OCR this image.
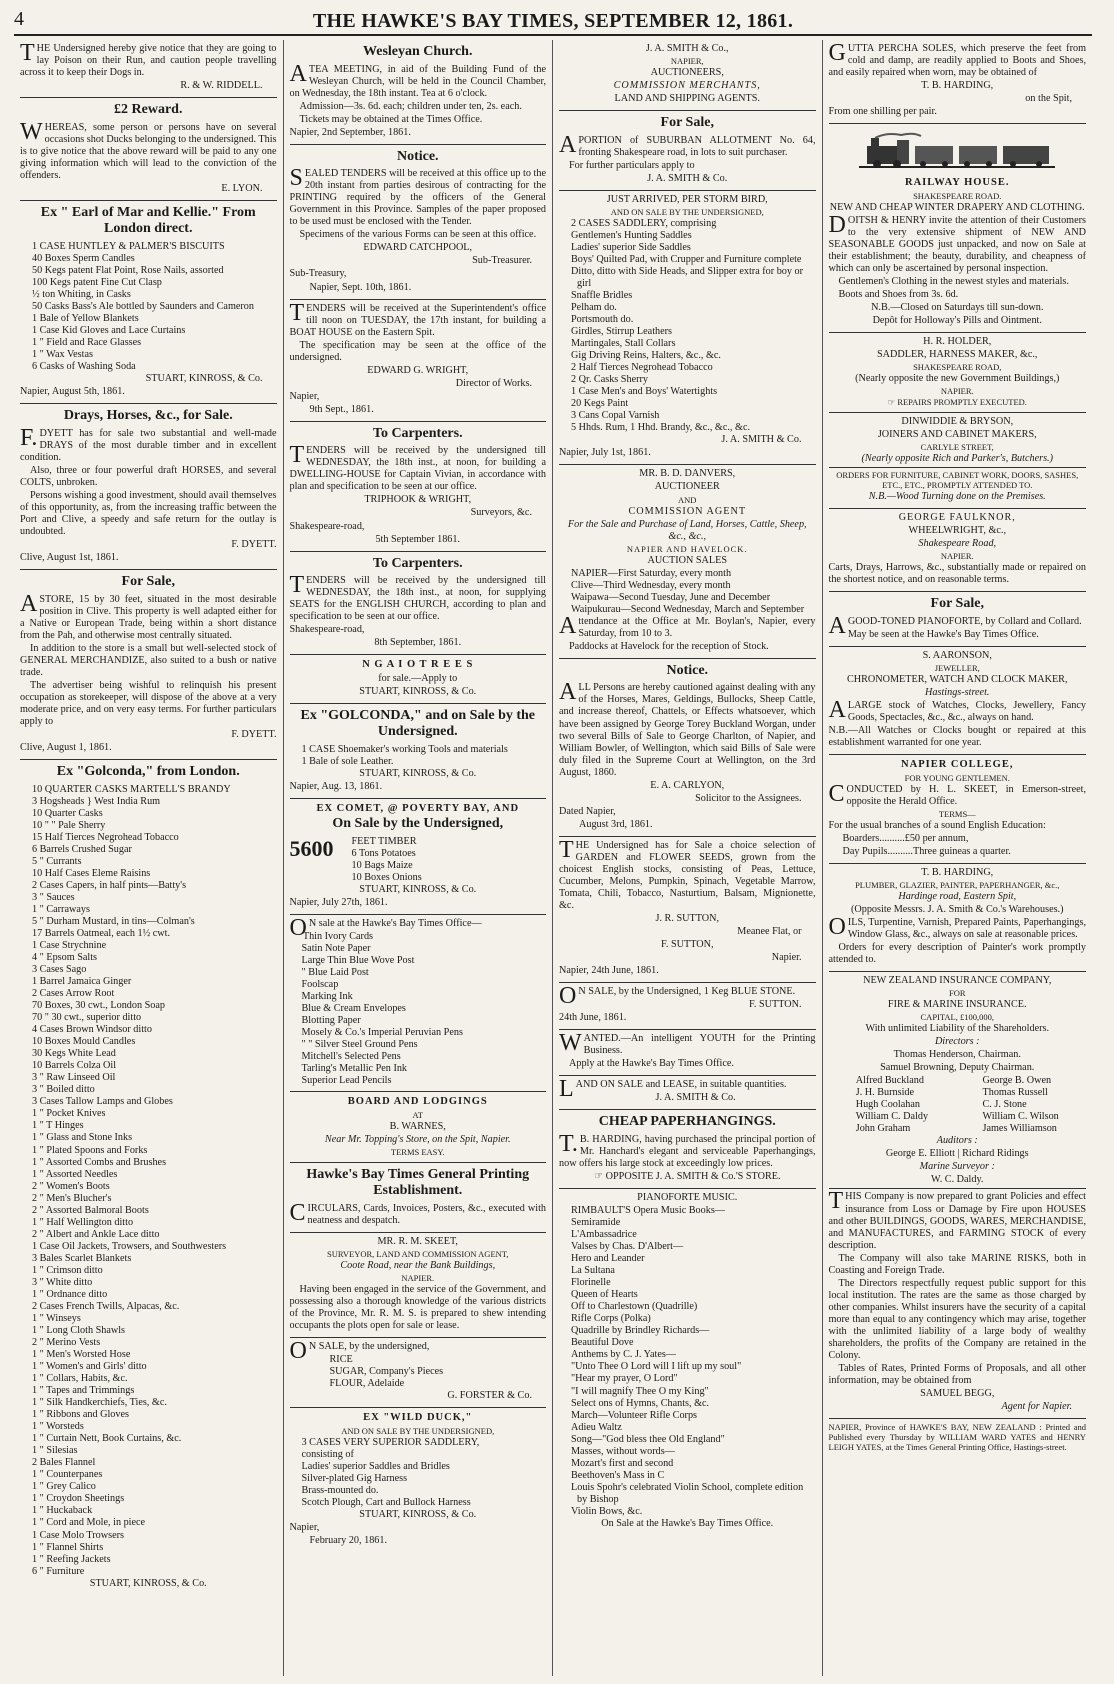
4	THE HAWKE'S BAY TIMES, SEPTEMBER 12, 1861.

THE Undersigned hereby give notice that they are going to lay Poison on their Run, and caution people travelling across it to keep their Dogs in.

R. & W. RIDDELL.

£2 Reward.

WHEREAS, some person or persons have on several occasions shot Ducks belonging to the undersigned. This is to give notice that the above reward will be paid to any one giving information which will lead to the conviction of the offenders.

E. LYON.

Ex " Earl of Mar and Kellie." From London direct.
1 CASE HUNTLEY & PALMER'S BISCUITS
40 Boxes Sperm Candles
50 Kegs patent Flat Point, Rose Nails, assorted
100 Kegs patent Fine Cut Clasp
½ ton Whiting, in Casks
50 Casks Bass's Ale bottled by Saunders and Cameron
1 Bale of Yellow Blankets
1 Case Kid Gloves and Lace Curtains
1 " Field and Race Glasses
1 " Wax Vestas
6 Casks of Washing Soda

STUART, KINROSS, & Co.

Napier, August 5th, 1861.

Drays, Horses, &c., for Sale.

F.DYETT has for sale two substantial and well-made DRAYS of the most durable timber and in excellent condition.

Also, three or four powerful draft HORSES, and several COLTS, unbroken.

Persons wishing a good investment, should avail themselves of this opportunity, as, from the increasing traffic between the Port and Clive, a speedy and safe return for the outlay is undoubted.

F. DYETT.

Clive, August 1st, 1861.

For Sale,

ASTORE, 15 by 30 feet, situated in the most desirable position in Clive. This property is well adapted either for a Native or European Trade, being within a short distance from the Pah, and otherwise most centrally situated.

In addition to the store is a small but well-selected stock of GENERAL MERCHANDIZE, also suited to a bush or native trade.

The advertiser being wishful to relinquish his present occupation as storekeeper, will dispose of the above at a very moderate price, and on very easy terms. For further particulars apply to

F. DYETT.

Clive, August 1, 1861.

Ex "Golconda," from London.
10 QUARTER CASKS MARTELL'S BRANDY
3 Hogsheads } West India Rum
10 Quarter Casks
10 " " Pale Sherry
15 Half Tierces Negrohead Tobacco
6 Barrels Crushed Sugar
5 " Currants
10 Half Cases Eleme Raisins
2 Cases Capers, in half pints—Batty's
3 " Sauces
1 " Carraways
5 " Durham Mustard, in tins—Colman's
17 Barrels Oatmeal, each 1½ cwt.
1 Case Strychnine
4 " Epsom Salts
3 Cases Sago
1 Barrel Jamaica Ginger
2 Cases Arrow Root
70 Boxes, 30 cwt., London Soap
70 " 30 cwt., superior ditto
4 Cases Brown Windsor ditto
10 Boxes Mould Candles
30 Kegs White Lead
10 Barrels Colza Oil
3 " Raw Linseed Oil
3 " Boiled ditto
3 Cases Tallow Lamps and Globes
1 " Pocket Knives
1 " T Hinges
1 " Glass and Stone Inks
1 " Plated Spoons and Forks
1 " Assorted Combs and Brushes
1 " Assorted Needles
2 " Women's Boots
2 " Men's Blucher's
2 " Assorted Balmoral Boots
1 " Half Wellington ditto
2 " Albert and Ankle Lace ditto
1 Case Oil Jackets, Trowsers, and Southwesters
3 Bales Scarlet Blankets
1 " Crimson ditto
3 " White ditto
1 " Ordnance ditto
2 Cases French Twills, Alpacas, &c.
1 " Winseys
1 " Long Cloth Shawls
2 " Merino Vests
1 " Men's Worsted Hose
1 " Women's and Girls' ditto
1 " Collars, Habits, &c.
1 " Tapes and Trimmings
1 " Silk Handkerchiefs, Ties, &c.
1 " Ribbons and Gloves
1 " Worsteds
1 " Curtain Nett, Book Curtains, &c.
1 " Silesias
2 Bales Flannel
1 " Counterpanes
1 " Grey Calico
1 " Croydon Sheetings
1 " Huckaback
1 " Cord and Mole, in piece
1 Case Molo Trowsers
1 " Flannel Shirts
1 " Reefing Jackets
6 " Furniture

STUART, KINROSS, & Co.

Wesleyan Church.

ATEA MEETING, in aid of the Building Fund of the Wesleyan Church, will be held in the Council Chamber, on Wednesday, the 18th instant. Tea at 6 o'clock.

Admission—3s. 6d. each; children under ten, 2s. each.

Tickets may be obtained at the Times Office.

Napier, 2nd September, 1861.

Notice.

SEALED TENDERS will be received at this office up to the 20th instant from parties desirous of contracting for the PRINTING required by the officers of the General Government in this Province. Samples of the paper proposed to be used must be enclosed with the Tender.

Specimens of the various Forms can be seen at this office.

EDWARD CATCHPOOL,

Sub-Treasurer.

Sub-Treasury,

Napier, Sept. 10th, 1861.

TENDERS will be received at the Superintendent's office till noon on TUESDAY, the 17th instant, for building a BOAT HOUSE on the Eastern Spit.

The specification may be seen at the office of the undersigned.

EDWARD G. WRIGHT,

Director of Works.

Napier,

9th Sept., 1861.

To Carpenters.

TENDERS will be received by the undersigned till WEDNESDAY, the 18th inst., at noon, for building a DWELLING-HOUSE for Captain Vivian, in accordance with plan and specification to be seen at our office.

TRIPHOOK & WRIGHT,

Surveyors, &c.

Shakespeare-road,

5th September 1861.

To Carpenters.

TENDERS will be received by the undersigned till WEDNESDAY, the 18th inst., at noon, for supplying SEATS for the ENGLISH CHURCH, according to plan and specification to be seen at our office.

Shakespeare-road,

8th September, 1861.

N G A I O T R E E S

for sale.—Apply to

STUART, KINROSS, & Co.

Ex "GOLCONDA," and on Sale by the Undersigned.
1 CASE Shoemaker's working Tools and materials
1 Bale of sole Leather.

STUART, KINROSS, & Co.

Napier, Aug. 13, 1861.

EX COMET, @ POVERTY BAY, AND
On Sale by the Undersigned,
5600 FEET TIMBER
6 Tons Potatoes
10 Bags Maize
10 Boxes Onions

STUART, KINROSS, & Co.

Napier, July 27th, 1861.

ON sale at the Hawke's Bay Times Office—

Thin Ivory Cards
Satin Note Paper
Large Thin Blue Wove Post
" Blue Laid Post
Foolscap
Marking Ink
Blue & Cream Envelopes
Blotting Paper
Mosely & Co.'s Imperial Peruvian Pens
" " Silver Steel Ground Pens
Mitchell's Selected Pens
Tarling's Metallic Pen Ink
Superior Lead Pencils
BOARD AND LODGINGS

AT

B. WARNES,

Near Mr. Topping's Store, on the Spit, Napier.

TERMS EASY.

Hawke's Bay Times General Printing Establishment.

CIRCULARS, Cards, Invoices, Posters, &c., executed with neatness and despatch.

MR. R. M. SKEET,

SURVEYOR, LAND AND COMMISSION AGENT,

Coote Road, near the Bank Buildings,

NAPIER.

Having been engaged in the service of the Government, and possessing also a thorough knowledge of the various districts of the Province, Mr. R. M. S. is prepared to shew intending occupants the plots open for sale or lease.

ON SALE, by the undersigned,

RICE
SUGAR, Company's Pieces
FLOUR, Adelaide

G. FORSTER & Co.

EX "WILD DUCK,"

AND ON SALE BY THE UNDERSIGNED,

3 CASES VERY SUPERIOR SADDLERY,
consisting of
Ladies' superior Saddles and Bridles
Silver-plated Gig Harness
Brass-mounted do.
Scotch Plough, Cart and Bullock Harness

STUART, KINROSS, & Co.

Napier,

February 20, 1861.

J. A. SMITH & Co.,

NAPIER,

AUCTIONEERS,

COMMISSION MERCHANTS,

LAND AND SHIPPING AGENTS.

For Sale,

APORTION of SUBURBAN ALLOTMENT No. 64, fronting Shakespeare road, in lots to suit purchaser.

For further particulars apply to

J. A. SMITH & Co.

JUST ARRIVED, PER STORM BIRD,

AND ON SALE BY THE UNDERSIGNED,

2 CASES SADDLERY, comprising
Gentlemen's Hunting Saddles
Ladies' superior Side Saddles
Boys' Quilted Pad, with Crupper and Furniture complete
Ditto, ditto with Side Heads, and Slipper extra for boy or girl
Snaffle Bridles
Pelham do.
Portsmouth do.
Girdles, Stirrup Leathers
Martingales, Stall Collars
Gig Driving Reins, Halters, &c., &c.
2 Half Tierces Negrohead Tobacco
2 Qr. Casks Sherry
1 Case Men's and Boys' Watertights
20 Kegs Paint
3 Cans Copal Varnish
5 Hhds. Rum, 1 Hhd. Brandy, &c., &c., &c.

J. A. SMITH & Co.

Napier, July 1st, 1861.

MR. B. D. DANVERS,

AUCTIONEER

AND

COMMISSION AGENT

For the Sale and Purchase of Land, Horses, Cattle, Sheep, &c., &c.,

NAPIER AND HAVELOCK.

AUCTION SALES

NAPIER—First Saturday, every month
Clive—Third Wednesday, every month
Waipawa—Second Tuesday, June and December
Waipukurau—Second Wednesday, March and September

Attendance at the Office at Mr. Boylan's, Napier, every Saturday, from 10 to 3.

Paddocks at Havelock for the reception of Stock.

Notice.

ALL Persons are hereby cautioned against dealing with any of the Horses, Mares, Geldings, Bullocks, Sheep Cattle, and increase thereof, Chattels, or Effects whatsoever, which have been assigned by George Torey Buckland Worgan, under two several Bills of Sale to George Charlton, of Napier, and William Bowler, of Wellington, which said Bills of Sale were duly filed in the Supreme Court at Wellington, on the 3rd August, 1860.

E. A. CARLYON,

Solicitor to the Assignees.

Dated Napier,

August 3rd, 1861.

THE Undersigned has for Sale a choice selection of GARDEN and FLOWER SEEDS, grown from the choicest English stocks, consisting of Peas, Lettuce, Cucumber, Melons, Pumpkin, Spinach, Vegetable Marrow, Tomata, Chili, Tobacco, Nasturtium, Balsam, Mignionette, &c.

J. R. SUTTON,

Meanee Flat, or

F. SUTTON,

Napier.

Napier, 24th June, 1861.

ON SALE, by the Undersigned, 1 Keg BLUE STONE.

F. SUTTON.

24th June, 1861.

WANTED.—An intelligent YOUTH for the Printing Business.

Apply at the Hawke's Bay Times Office.

LAND ON SALE and LEASE, in suitable quantities.

J. A. SMITH & Co.

CHEAP PAPERHANGINGS.

T.B. HARDING, having purchased the principal portion of Mr. Hanchard's elegant and serviceable Paperhangings, now offers his large stock at exceedingly low prices.

☞ OPPOSITE J. A. SMITH & Co.'S STORE.

PIANOFORTE MUSIC.

RIMBAULT'S Opera Music Books—
Semiramide
L'Ambassadrice
Valses by Chas. D'Albert—
Hero and Leander
La Sultana
Florinelle
Queen of Hearts
Off to Charlestown (Quadrille)
Rifle Corps (Polka)
Quadrille by Brindley Richards—
Beautiful Dove
Anthems by C. J. Yates—
"Unto Thee O Lord will I lift up my soul"
"Hear my prayer, O Lord"
"I will magnify Thee O my King"
Select ons of Hymns, Chants, &c.
March—Volunteer Rifle Corps
Adieu Waltz
Song—"God bless thee Old England"
Masses, without words—
Mozart's first and second
Beethoven's Mass in C
Louis Spohr's celebrated Violin School, complete edition by Bishop
Violin Bows, &c.

On Sale at the Hawke's Bay Times Office.

GUTTA PERCHA SOLES, which preserve the feet from cold and damp, are readily applied to Boots and Shoes, and easily repaired when worn, may be obtained of

T. B. HARDING,

on the Spit,

From one shilling per pair.

RAILWAY HOUSE.

SHAKESPEARE ROAD.

NEW AND CHEAP WINTER DRAPERY AND CLOTHING.

DOITSH & HENRY invite the attention of their Customers to the very extensive shipment of NEW AND SEASONABLE GOODS just unpacked, and now on Sale at their establishment; the beauty, durability, and cheapness of which can only be ascertained by personal inspection.

Gentlemen's Clothing in the newest styles and materials.

Boots and Shoes from 3s. 6d.

N.B.—Closed on Saturdays till sun-down.

Depôt for Holloway's Pills and Ointment.

H. R. HOLDER,

SADDLER, HARNESS MAKER, &c.,

SHAKESPEARE ROAD,

(Nearly opposite the new Government Buildings,)

NAPIER.

☞ REPAIRS PROMPTLY EXECUTED.

DINWIDDIE & BRYSON,

JOINERS AND CABINET MAKERS,

CARLYLE STREET,

(Nearly opposite Rich and Parker's, Butchers.)

ORDERS FOR FURNITURE, CABINET WORK, DOORS, SASHES, ETC., ETC., PROMPTLY ATTENDED TO.

N.B.—Wood Turning done on the Premises.

GEORGE FAULKNOR,

WHEELWRIGHT, &c.,

Shakespeare Road,

NAPIER.

Carts, Drays, Harrows, &c., substantially made or repaired on the shortest notice, and on reasonable terms.

For Sale,

AGOOD-TONED PIANOFORTE, by Collard and Collard.

May be seen at the Hawke's Bay Times Office.

S. AARONSON,

JEWELLER,

CHRONOMETER, WATCH AND CLOCK MAKER,

Hastings-street.

ALARGE stock of Watches, Clocks, Jewellery, Fancy Goods, Spectacles, &c., &c., always on hand.

N.B.—All Watches or Clocks bought or repaired at this establishment warranted for one year.

NAPIER COLLEGE,

FOR YOUNG GENTLEMEN.

CONDUCTED by H. L. SKEET, in Emerson-street, opposite the Herald Office.

TERMS—

For the usual branches of a sound English Education:

Boarders..........£50 per annum,

Day Pupils..........Three guineas a quarter.

T. B. HARDING,

PLUMBER, GLAZIER, PAINTER, PAPERHANGER, &c.,

Hardinge road, Eastern Spit,

(Opposite Messrs. J. A. Smith & Co.'s Warehouses.)

OILS, Turpentine, Varnish, Prepared Paints, Paperhangings, Window Glass, &c., always on sale at reasonable prices.

Orders for every description of Painter's work promptly attended to.

NEW ZEALAND INSURANCE COMPANY,

FOR

FIRE & MARINE INSURANCE.

CAPITAL, £100,000,

With unlimited Liability of the Shareholders.

Directors :

Thomas Henderson, Chairman.

Samuel Browning, Deputy Chairman.

Alfred Buckland
J. H. Burnside
Hugh Coolahan
William C. Daldy
John Graham
George B. Owen
Thomas Russell
C. J. Stone
William C. Wilson
James Williamson

Auditors :

George E. Elliott | Richard Ridings

Marine Surveyor :

W. C. Daldy.

THIS Company is now prepared to grant Policies and effect insurance from Loss or Damage by Fire upon HOUSES and other BUILDINGS, GOODS, WARES, MERCHANDISE, and MANUFACTURES, and FARMING STOCK of every description.

The Company will also take MARINE RISKS, both in Coasting and Foreign Trade.

The Directors respectfully request public support for this local institution. The rates are the same as those charged by other companies. Whilst insurers have the security of a capital more than equal to any contingency which may arise, together with the unlimited liability of a large body of wealthy shareholders, the profits of the Company are retained in the Colony.

Tables of Rates, Printed Forms of Proposals, and all other information, may be obtained from

SAMUEL BEGG,

Agent for Napier.

NAPIER, Province of HAWKE'S BAY, NEW ZEALAND : Printed and Published every Thursday by WILLIAM WARD YATES and HENRY LEIGH YATES, at the Times General Printing Office, Hastings-street.
